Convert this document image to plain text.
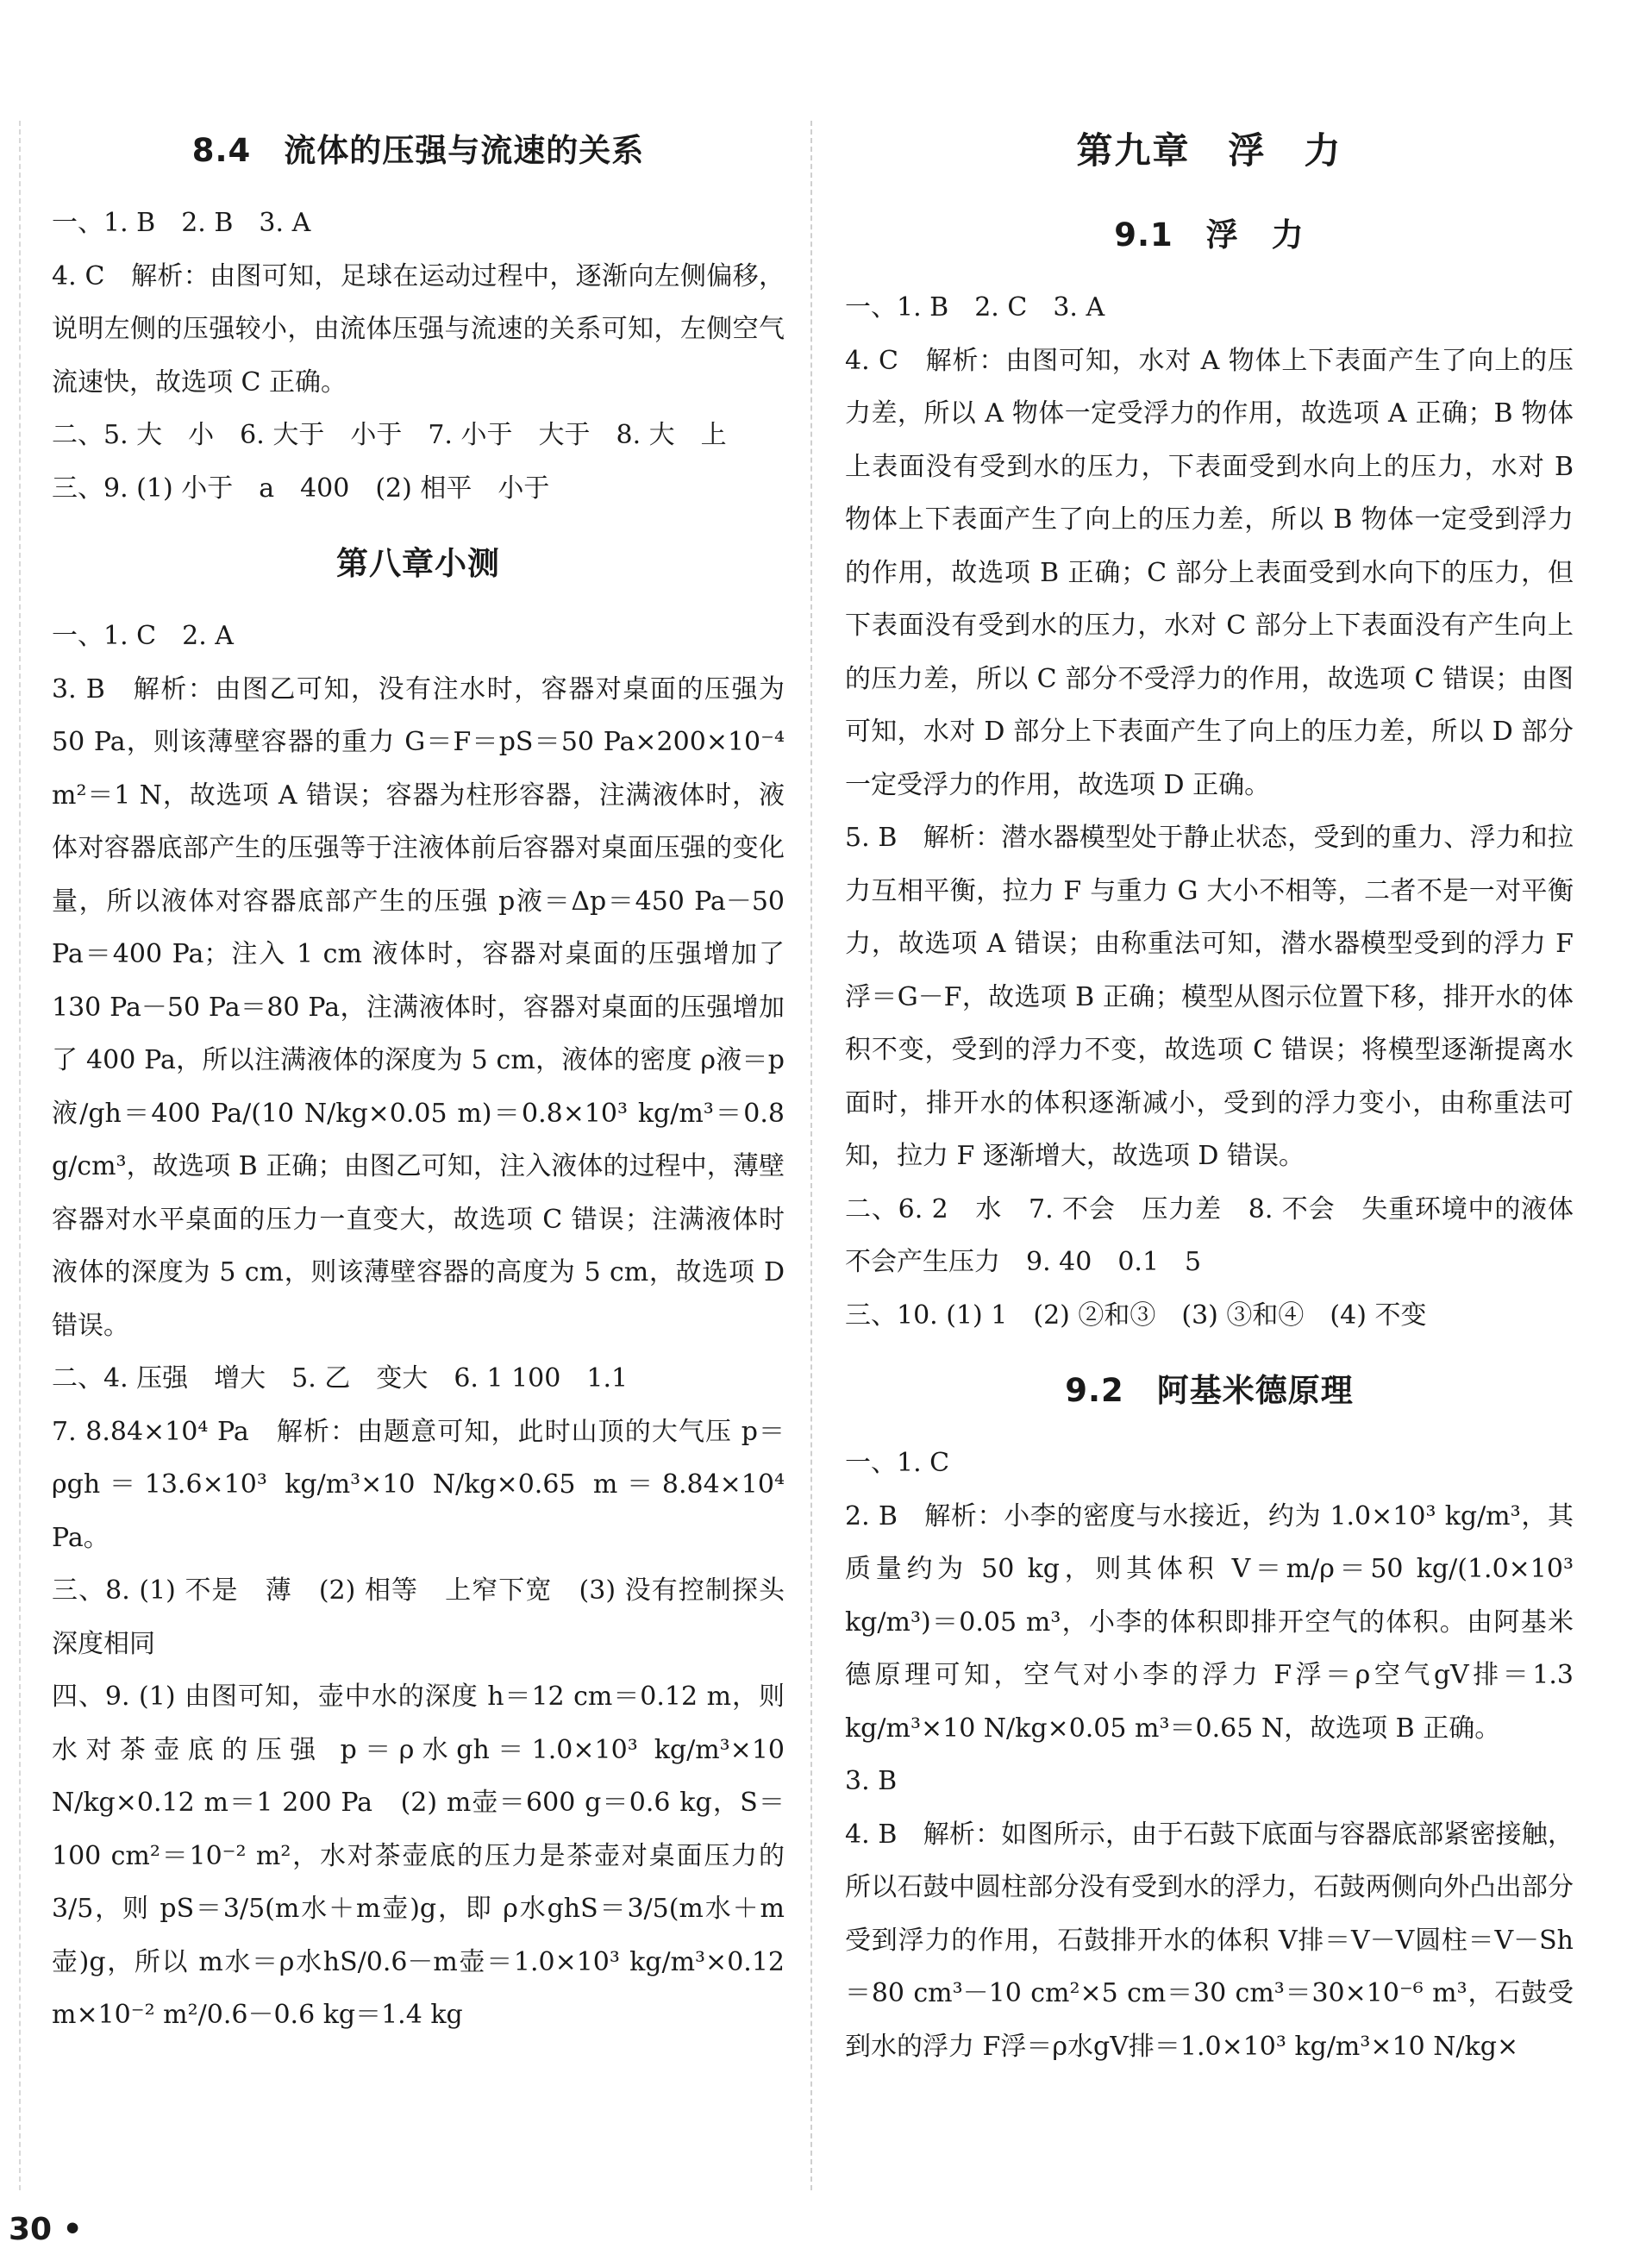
8.4　流体的压强与流速的关系

一、1. B　2. B　3. A

4. C　解析：由图可知，足球在运动过程中，逐渐向左侧偏移，说明左侧的压强较小，由流体压强与流速的关系可知，左侧空气流速快，故选项 C 正确。

二、5. 大　小　6. 大于　小于　7. 小于　大于　8. 大　上

三、9. (1) 小于　a　400　(2) 相平　小于

第八章小测

一、1. C　2. A

3. B　解析：由图乙可知，没有注水时，容器对桌面的压强为 50 Pa，则该薄壁容器的重力 G＝F＝pS＝50 Pa×200×10⁻⁴ m²＝1 N，故选项 A 错误；容器为柱形容器，注满液体时，液体对容器底部产生的压强等于注液体前后容器对桌面压强的变化量，所以液体对容器底部产生的压强 p液＝Δp＝450 Pa－50 Pa＝400 Pa；注入 1 cm 液体时，容器对桌面的压强增加了 130 Pa－50 Pa＝80 Pa，注满液体时，容器对桌面的压强增加了 400 Pa，所以注满液体的深度为 5 cm，液体的密度 ρ液＝p液/gh＝400 Pa/(10 N/kg×0.05 m)＝0.8×10³ kg/m³＝0.8 g/cm³，故选项 B 正确；由图乙可知，注入液体的过程中，薄壁容器对水平桌面的压力一直变大，故选项 C 错误；注满液体时液体的深度为 5 cm，则该薄壁容器的高度为 5 cm，故选项 D 错误。

二、4. 压强　增大　5. 乙　变大　6. 1 100　1.1

7. 8.84×10⁴ Pa　解析：由题意可知，此时山顶的大气压 p＝ρgh＝13.6×10³ kg/m³×10 N/kg×0.65 m＝8.84×10⁴ Pa。

三、8. (1) 不是　薄　(2) 相等　上窄下宽　(3) 没有控制探头深度相同

四、9. (1) 由图可知，壶中水的深度 h＝12 cm＝0.12 m，则水对茶壶底的压强 p＝ρ水gh＝1.0×10³ kg/m³×10 N/kg×0.12 m＝1 200 Pa　(2) m壶＝600 g＝0.6 kg，S＝100 cm²＝10⁻² m²，水对茶壶底的压力是茶壶对桌面压力的 3/5，则 pS＝3/5(m水＋m壶)g，即 ρ水ghS＝3/5(m水＋m壶)g，所以 m水＝ρ水hS/0.6－m壶＝1.0×10³ kg/m³×0.12 m×10⁻² m²/0.6－0.6 kg＝1.4 kg

第九章　浮　力
9.1　浮　力

一、1. B　2. C　3. A

4. C　解析：由图可知，水对 A 物体上下表面产生了向上的压力差，所以 A 物体一定受浮力的作用，故选项 A 正确；B 物体上表面没有受到水的压力，下表面受到水向上的压力，水对 B 物体上下表面产生了向上的压力差，所以 B 物体一定受到浮力的作用，故选项 B 正确；C 部分上表面受到水向下的压力，但下表面没有受到水的压力，水对 C 部分上下表面没有产生向上的压力差，所以 C 部分不受浮力的作用，故选项 C 错误；由图可知，水对 D 部分上下表面产生了向上的压力差，所以 D 部分一定受浮力的作用，故选项 D 正确。

5. B　解析：潜水器模型处于静止状态，受到的重力、浮力和拉力互相平衡，拉力 F 与重力 G 大小不相等，二者不是一对平衡力，故选项 A 错误；由称重法可知，潜水器模型受到的浮力 F浮＝G－F，故选项 B 正确；模型从图示位置下移，排开水的体积不变，受到的浮力不变，故选项 C 错误；将模型逐渐提离水面时，排开水的体积逐渐减小，受到的浮力变小，由称重法可知，拉力 F 逐渐增大，故选项 D 错误。

二、6. 2　水　7. 不会　压力差　8. 不会　失重环境中的液体不会产生压力　9. 40　0.1　5

三、10. (1) 1　(2) ②和③　(3) ③和④　(4) 不变

9.2　阿基米德原理

一、1. C

2. B　解析：小李的密度与水接近，约为 1.0×10³ kg/m³，其质量约为 50 kg，则其体积 V＝m/ρ＝50 kg/(1.0×10³ kg/m³)＝0.05 m³，小李的体积即排开空气的体积。由阿基米德原理可知，空气对小李的浮力 F浮＝ρ空气gV排＝1.3 kg/m³×10 N/kg×0.05 m³＝0.65 N，故选项 B 正确。

3. B

4. B　解析：如图所示，由于石鼓下底面与容器底部紧密接触，所以石鼓中圆柱部分没有受到水的浮力，石鼓两侧向外凸出部分受到浮力的作用，石鼓排开水的体积 V排＝V－V圆柱＝V－Sh＝80 cm³－10 cm²×5 cm＝30 cm³＝30×10⁻⁶ m³，石鼓受到水的浮力 F浮＝ρ水gV排＝1.0×10³ kg/m³×10 N/kg×

30 •
